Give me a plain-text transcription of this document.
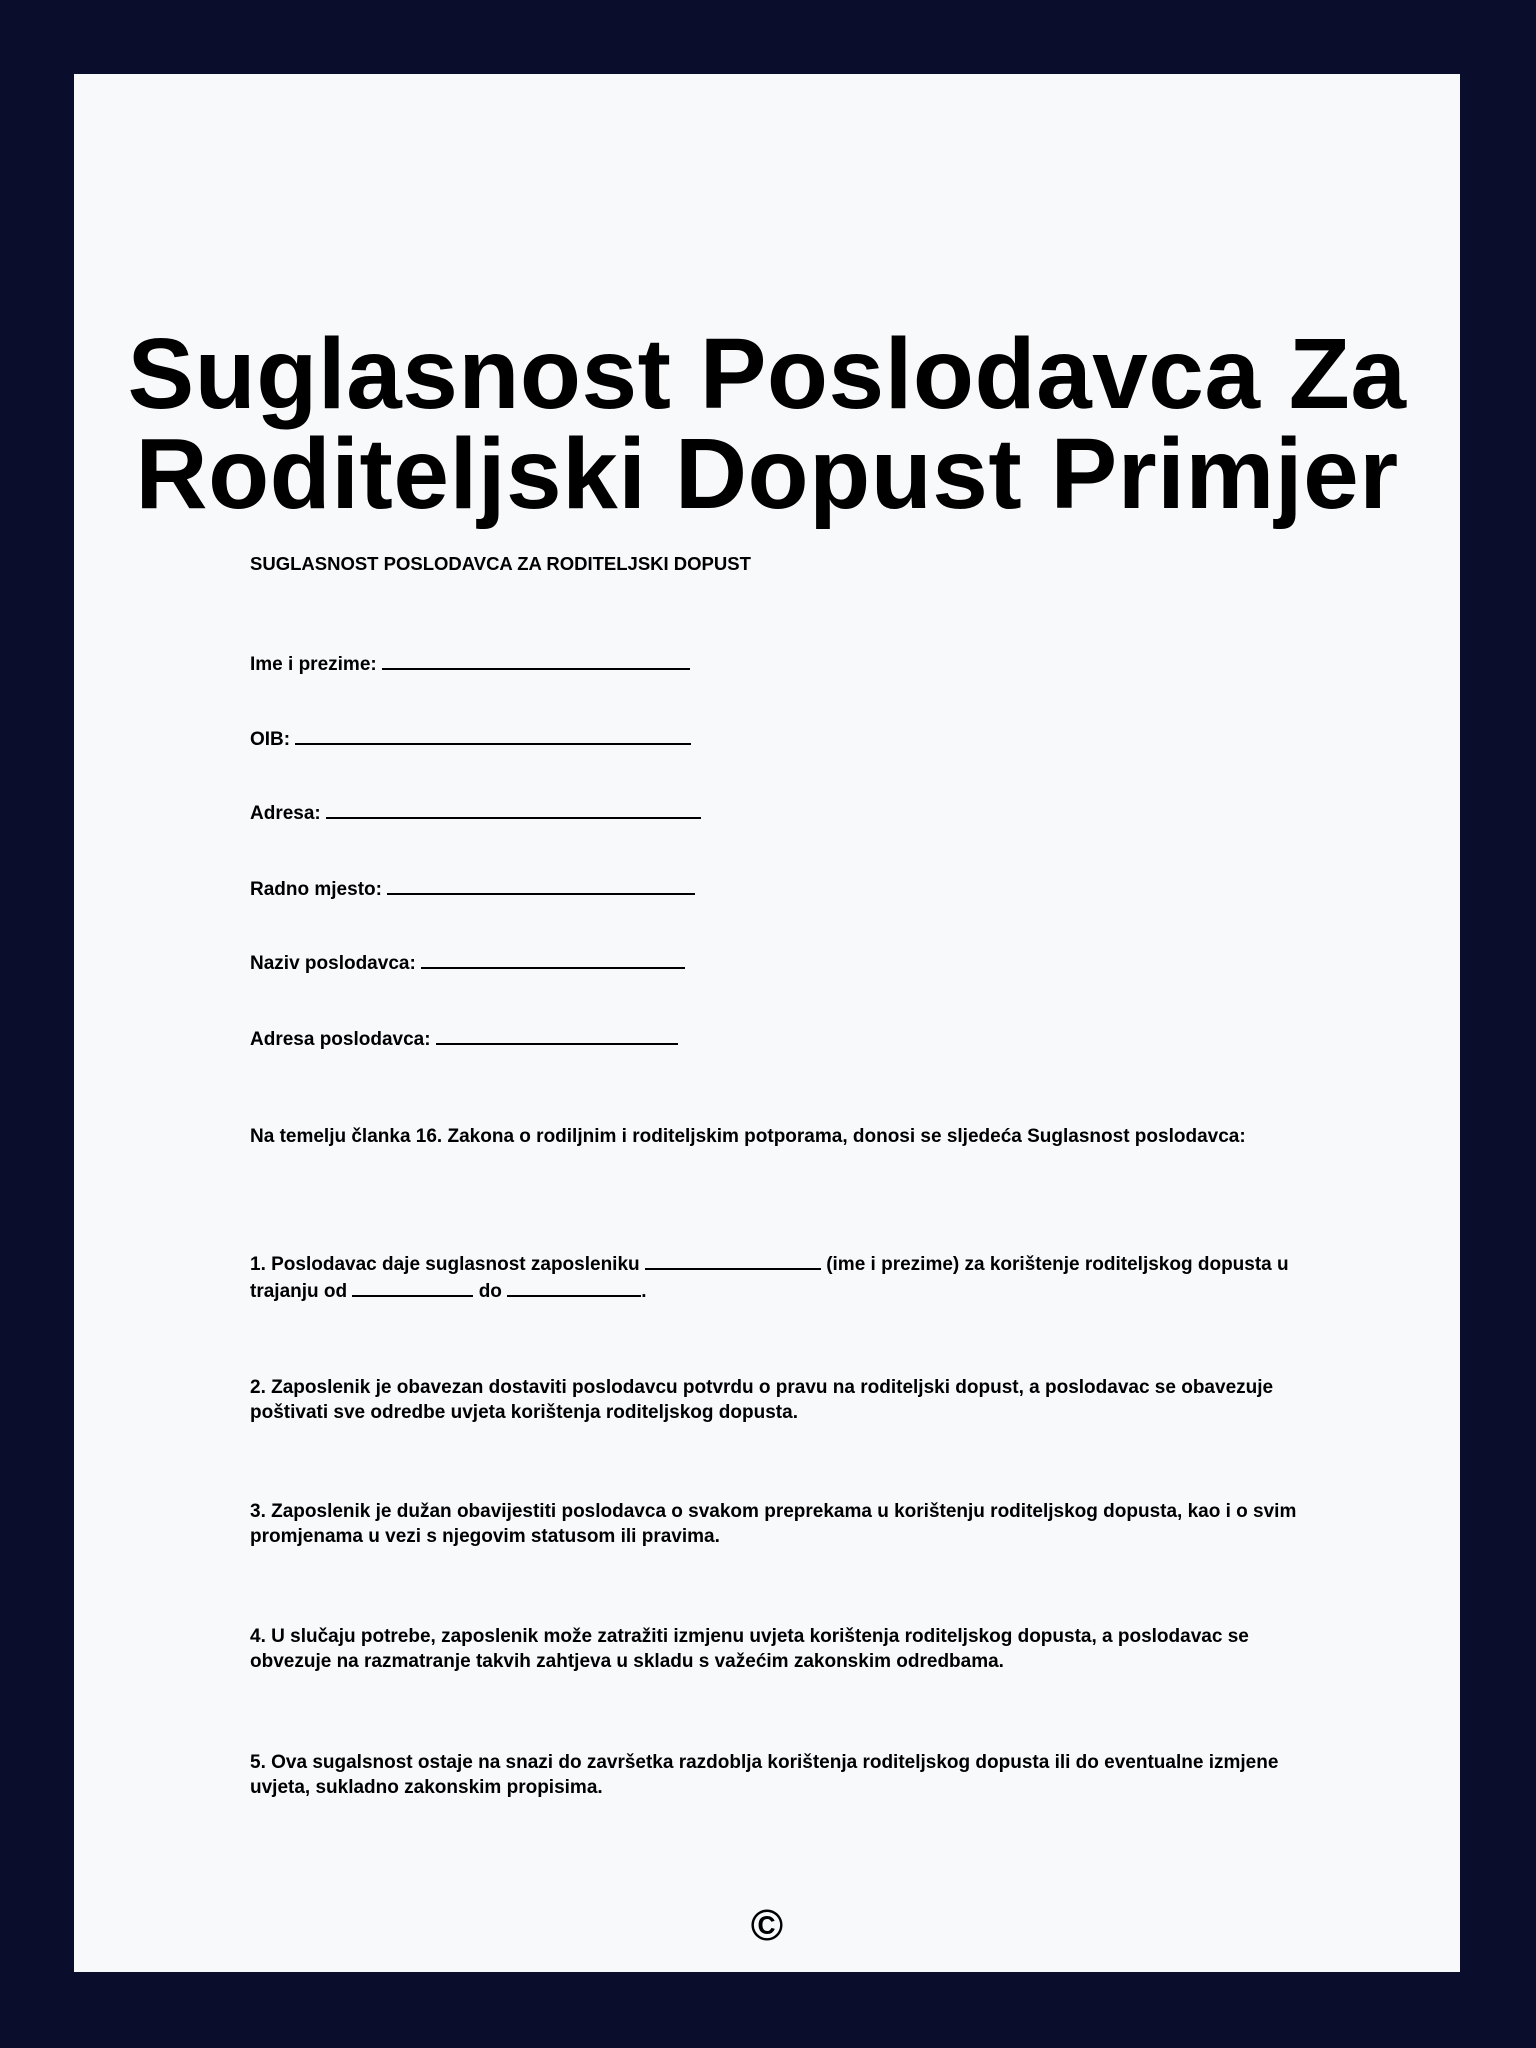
Suglasnost Poslodavca Za
Roditeljski Dopust Primjer
SUGLASNOST POSLODAVCA ZA RODITELJSKI DOPUST
Ime i prezime:
OIB:
Adresa:
Radno mjesto:
Naziv poslodavca:
Adresa poslodavca:
Na temelju članka 16. Zakona o rodiljnim i roditeljskim potporama, donosi se sljedeća Suglasnost poslodavca:
1. Poslodavac daje suglasnost zaposleniku	(ime i prezime) za korištenje roditeljskog dopusta u trajanju od	do	.
2. Zaposlenik je obavezan dostaviti poslodavcu potvrdu o pravu na roditeljski dopust, a poslodavac se obavezuje poštivati sve odredbe uvjeta korištenja roditeljskog dopusta.
3. Zaposlenik je dužan obavijestiti poslodavca o svakom preprekama u korištenju roditeljskog dopusta, kao i o svim promjenama u vezi s njegovim statusom ili pravima.
4. U slučaju potrebe, zaposlenik može zatražiti izmjenu uvjeta korištenja roditeljskog dopusta, a poslodavac se obvezuje na razmatranje takvih zahtjeva u skladu s važećim zakonskim odredbama.
5. Ova sugalsnost ostaje na snazi do završetka razdoblja korištenja roditeljskog dopusta ili do eventualne izmjene uvjeta, sukladno zakonskim propisima.
©
